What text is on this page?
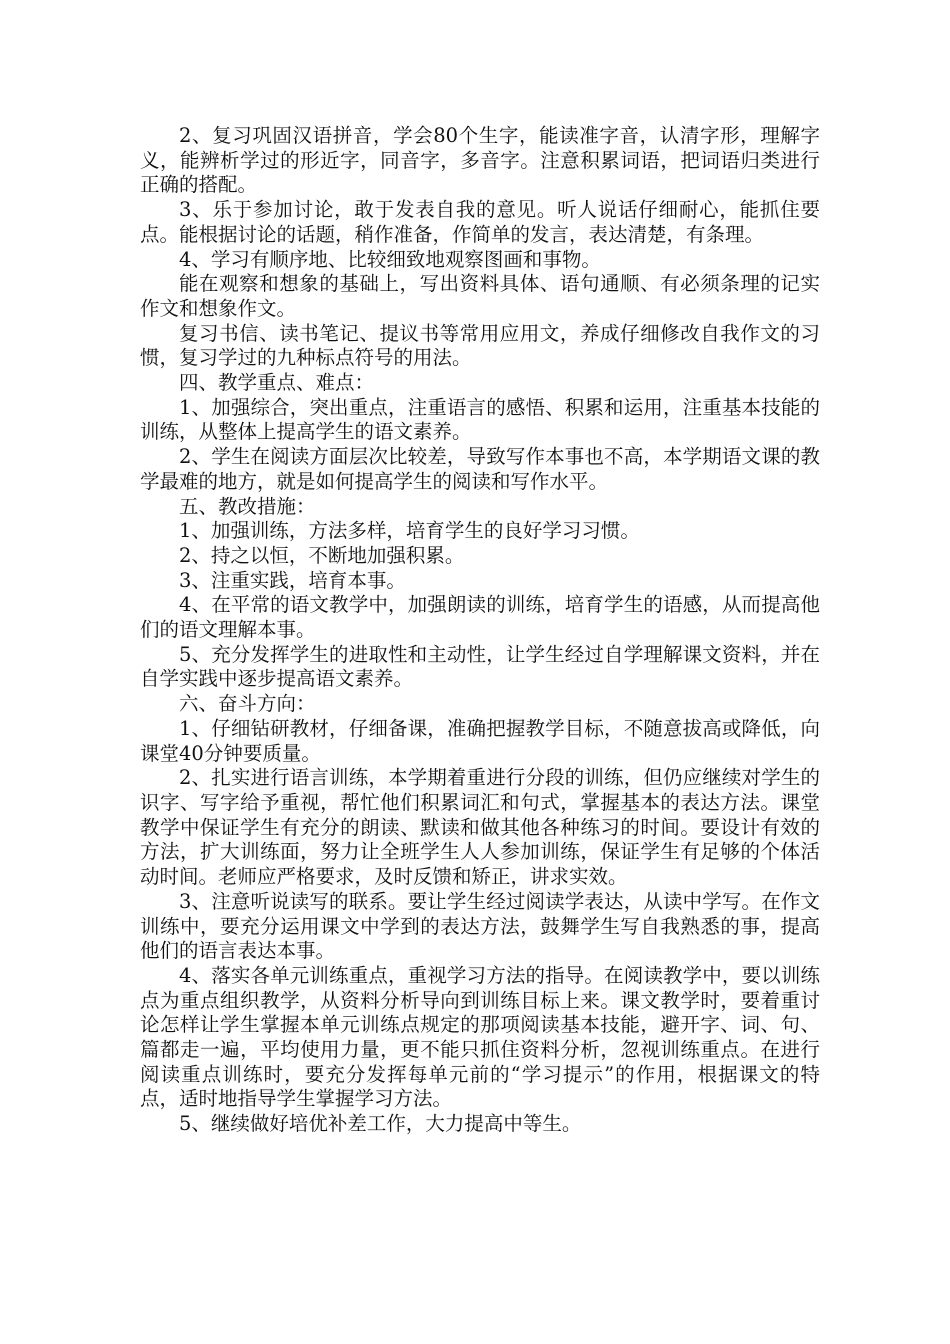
2、复习巩固汉语拼音，学会80个生字，能读准字音，认清字形，理解字义，能辨析学过的形近字，同音字，多音字。注意积累词语，把词语归类进行正确的搭配。

3、乐于参加讨论，敢于发表自我的意见。听人说话仔细耐心，能抓住要点。能根据讨论的话题，稍作准备，作简单的发言，表达清楚，有条理。

4、学习有顺序地、比较细致地观察图画和事物。

能在观察和想象的基础上，写出资料具体、语句通顺、有必须条理的记实作文和想象作文。

复习书信、读书笔记、提议书等常用应用文，养成仔细修改自我作文的习惯，复习学过的九种标点符号的用法。

四、教学重点、难点：

1、加强综合，突出重点，注重语言的感悟、积累和运用，注重基本技能的训练，从整体上提高学生的语文素养。

2、学生在阅读方面层次比较差，导致写作本事也不高，本学期语文课的教学最难的地方，就是如何提高学生的阅读和写作水平。

五、教改措施：

1、加强训练，方法多样，培育学生的良好学习习惯。

2、持之以恒，不断地加强积累。

3、注重实践，培育本事。

4、在平常的语文教学中，加强朗读的训练，培育学生的语感，从而提高他们的语文理解本事。

5、充分发挥学生的进取性和主动性，让学生经过自学理解课文资料，并在自学实践中逐步提高语文素养。

六、奋斗方向：

1、仔细钻研教材，仔细备课，准确把握教学目标，不随意拔高或降低，向课堂40分钟要质量。

2、扎实进行语言训练，本学期着重进行分段的训练，但仍应继续对学生的识字、写字给予重视，帮忙他们积累词汇和句式，掌握基本的表达方法。课堂教学中保证学生有充分的朗读、默读和做其他各种练习的时间。要设计有效的方法，扩大训练面，努力让全班学生人人参加训练，保证学生有足够的个体活动时间。老师应严格要求，及时反馈和矫正，讲求实效。

3、注意听说读写的联系。要让学生经过阅读学表达，从读中学写。在作文训练中，要充分运用课文中学到的表达方法，鼓舞学生写自我熟悉的事，提高他们的语言表达本事。

4、落实各单元训练重点，重视学习方法的指导。在阅读教学中，要以训练点为重点组织教学，从资料分析导向到训练目标上来。课文教学时，要着重讨论怎样让学生掌握本单元训练点规定的那项阅读基本技能，避开字、词、句、篇都走一遍，平均使用力量，更不能只抓住资料分析，忽视训练重点。在进行阅读重点训练时，要充分发挥每单元前的“学习提示”的作用，根据课文的特点，适时地指导学生掌握学习方法。

5、继续做好培优补差工作，大力提高中等生。
